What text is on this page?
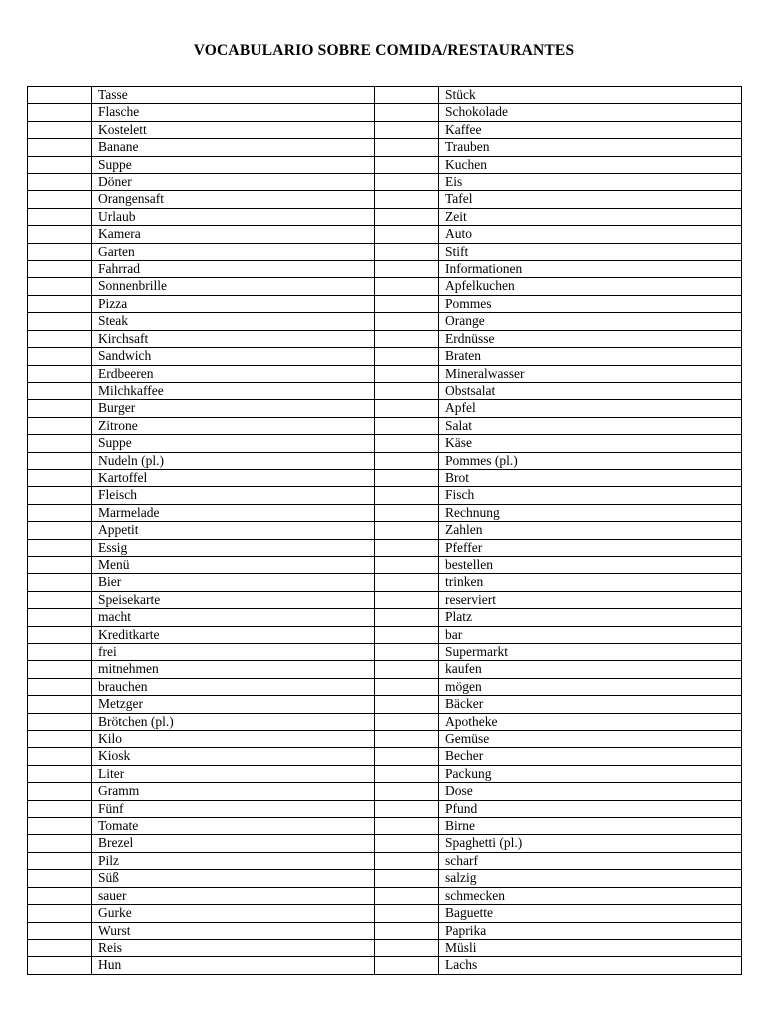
VOCABULARIO SOBRE COMIDA/RESTAURANTES
	Tasse		Stück
	Flasche		Schokolade
	Kostelett		Kaffee
	Banane		Trauben
	Suppe		Kuchen
	Döner		Eis
	Orangensaft		Tafel
	Urlaub		Zeit
	Kamera		Auto
	Garten		Stift
	Fahrrad		Informationen
	Sonnenbrille		Apfelkuchen
	Pizza		Pommes
	Steak		Orange
	Kirchsaft		Erdnüsse
	Sandwich		Braten
	Erdbeeren		Mineralwasser
	Milchkaffee		Obstsalat
	Burger		Apfel
	Zitrone		Salat
	Suppe		Käse
	Nudeln (pl.)		Pommes (pl.)
	Kartoffel		Brot
	Fleisch		Fisch
	Marmelade		Rechnung
	Appetit		Zahlen
	Essig		Pfeffer
	Menü		bestellen
	Bier		trinken
	Speisekarte		reserviert
	macht		Platz
	Kreditkarte		bar
	frei		Supermarkt
	mitnehmen		kaufen
	brauchen		mögen
	Metzger		Bäcker
	Brötchen (pl.)		Apotheke
	Kilo		Gemüse
	Kiosk		Becher
	Liter		Packung
	Gramm		Dose
	Fünf		Pfund
	Tomate		Birne
	Brezel		Spaghetti (pl.)
	Pilz		scharf
	Süß		salzig
	sauer		schmecken
	Gurke		Baguette
	Wurst		Paprika
	Reis		Müsli
	Hun		Lachs
